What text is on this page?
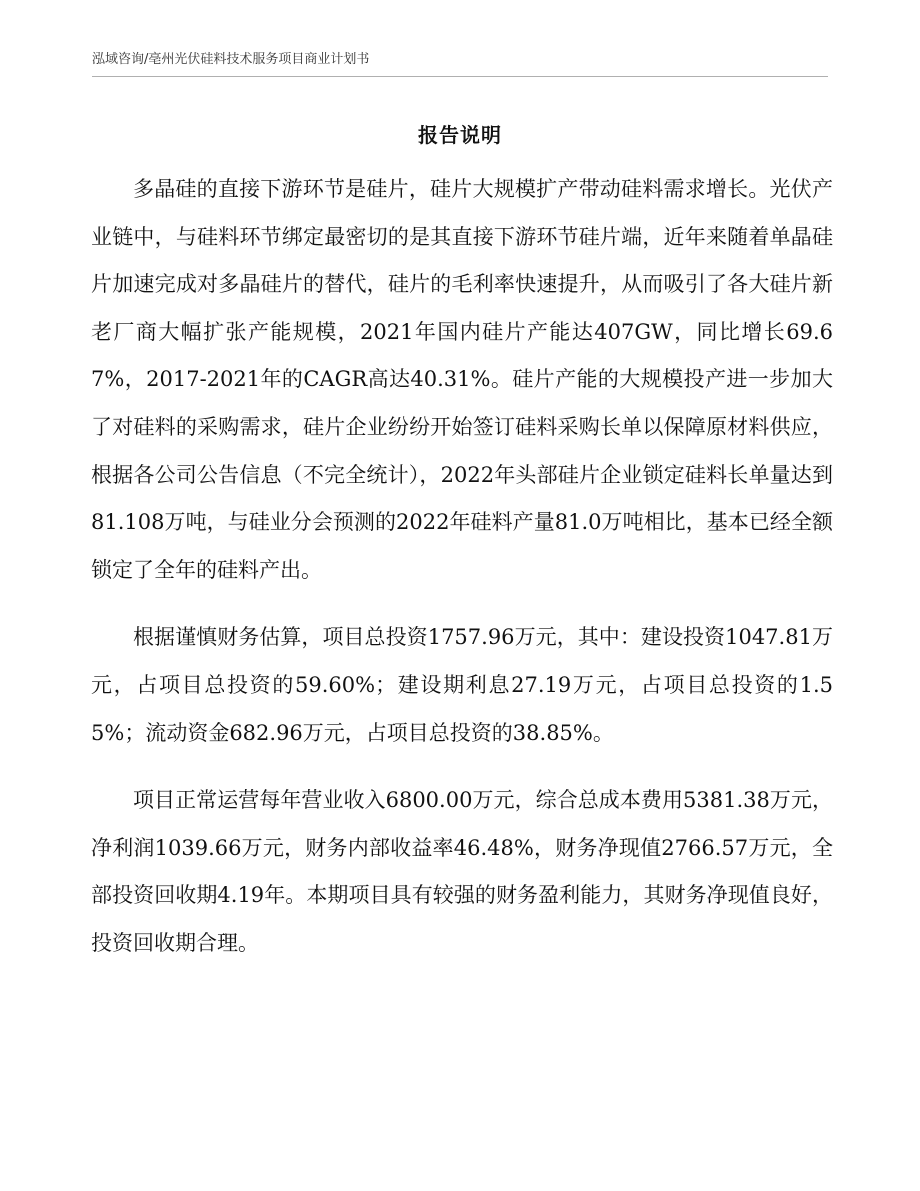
泓域咨询/亳州光伏硅料技术服务项目商业计划书
报告说明

多晶硅的直接下游环节是硅片，硅片大规模扩产带动硅料需求增长。光伏产业链中，与硅料环节绑定最密切的是其直接下游环节硅片端，近年来随着单晶硅片加速完成对多晶硅片的替代，硅片的毛利率快速提升，从而吸引了各大硅片新老厂商大幅扩张产能规模，2021年国内硅片产能达407GW，同比增长69.67%，2017-2021年的CAGR高达40.31%。硅片产能的大规模投产进一步加大了对硅料的采购需求，硅片企业纷纷开始签订硅料采购长单以保障原材料供应，根据各公司公告信息（不完全统计），2022年头部硅片企业锁定硅料长单量达到81.108万吨，与硅业分会预测的2022年硅料产量81.0万吨相比，基本已经全额锁定了全年的硅料产出。

根据谨慎财务估算，项目总投资1757.96万元，其中：建设投资1047.81万元，占项目总投资的59.60%；建设期利息27.19万元，占项目总投资的1.55%；流动资金682.96万元，占项目总投资的38.85%。

项目正常运营每年营业收入6800.00万元，综合总成本费用5381.38万元，净利润1039.66万元，财务内部收益率46.48%，财务净现值2766.57万元，全部投资回收期4.19年。本期项目具有较强的财务盈利能力，其财务净现值良好，投资回收期合理。
